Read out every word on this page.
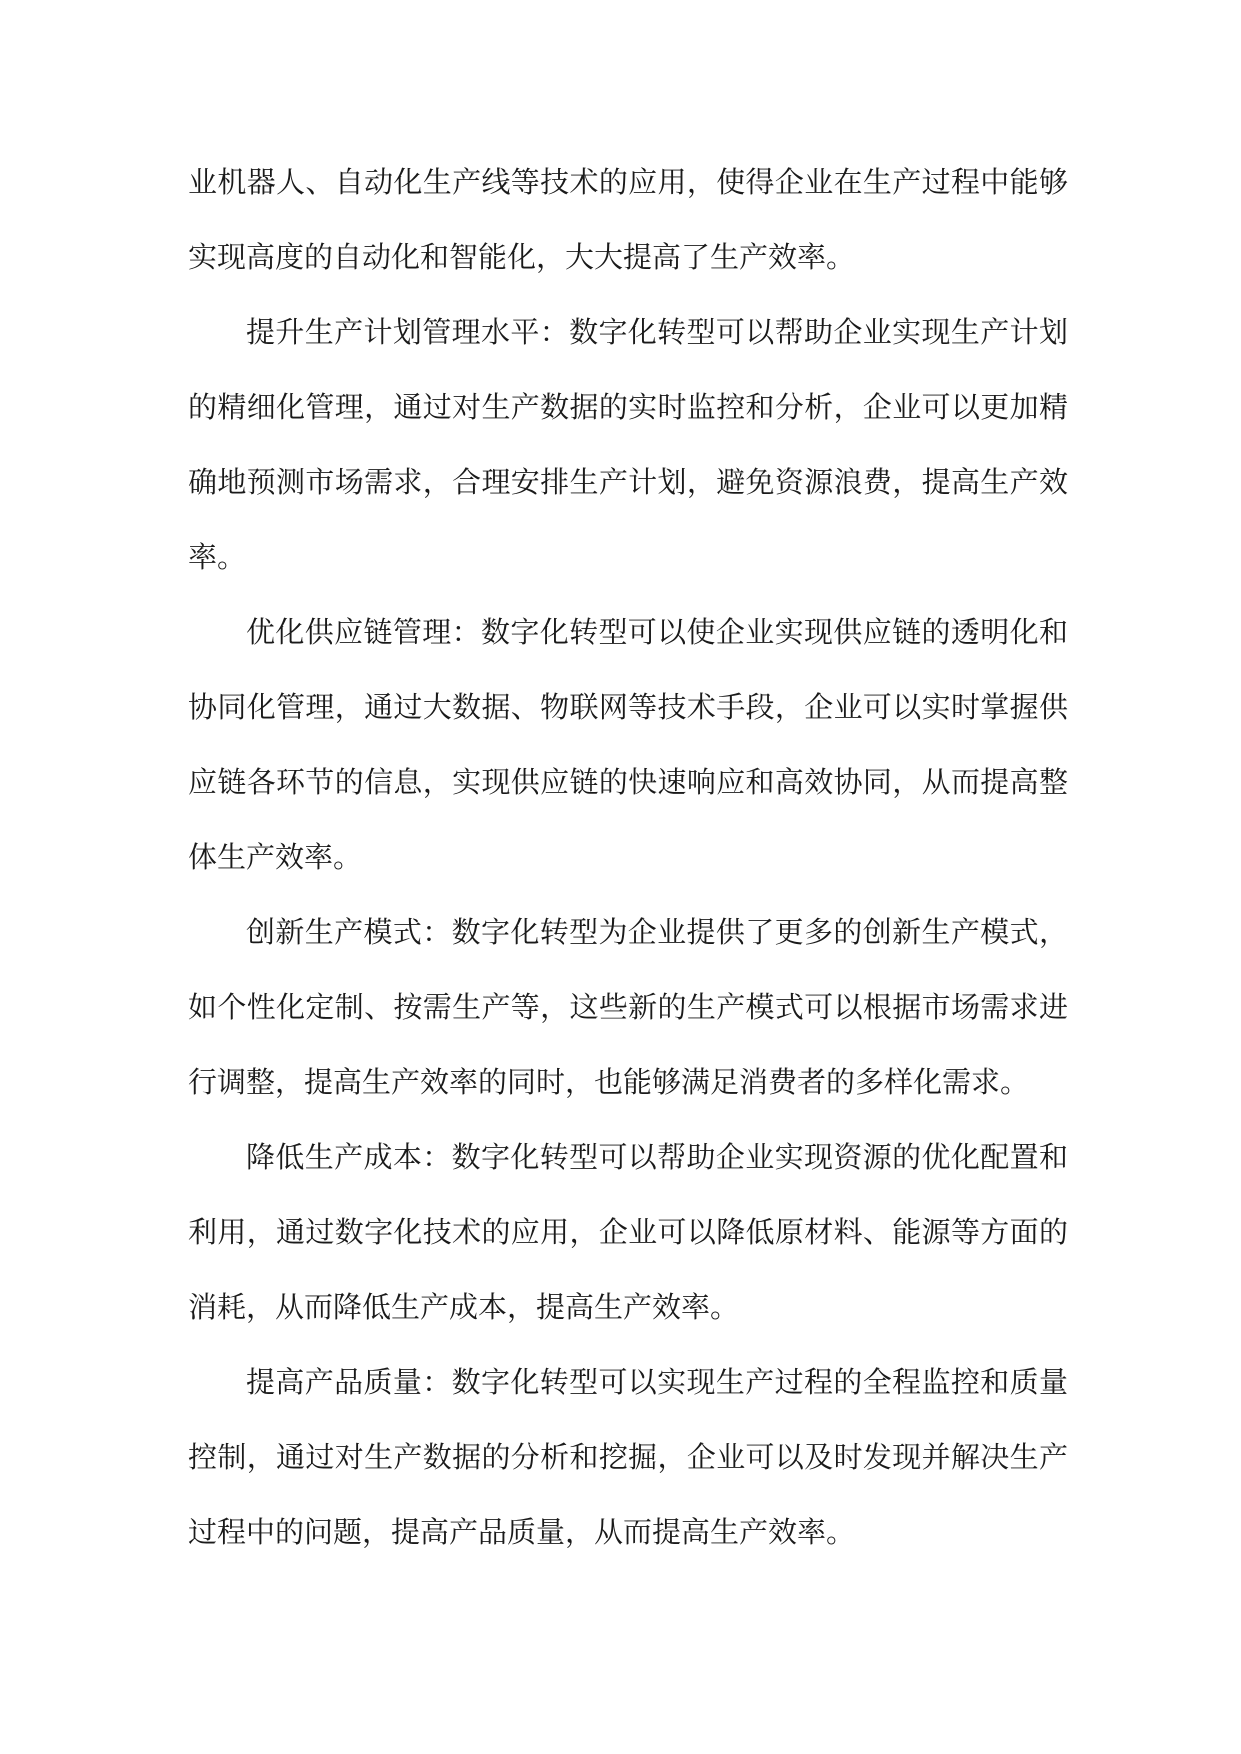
业机器人、自动化生产线等技术的应用，使得企业在生产过程中能够实现高度的自动化和智能化，大大提高了生产效率。

提升生产计划管理水平：数字化转型可以帮助企业实现生产计划的精细化管理，通过对生产数据的实时监控和分析，企业可以更加精确地预测市场需求，合理安排生产计划，避免资源浪费，提高生产效率。

优化供应链管理：数字化转型可以使企业实现供应链的透明化和协同化管理，通过大数据、物联网等技术手段，企业可以实时掌握供应链各环节的信息，实现供应链的快速响应和高效协同，从而提高整体生产效率。

创新生产模式：数字化转型为企业提供了更多的创新生产模式，如个性化定制、按需生产等，这些新的生产模式可以根据市场需求进行调整，提高生产效率的同时，也能够满足消费者的多样化需求。

降低生产成本：数字化转型可以帮助企业实现资源的优化配置和利用，通过数字化技术的应用，企业可以降低原材料、能源等方面的消耗，从而降低生产成本，提高生产效率。

提高产品质量：数字化转型可以实现生产过程的全程监控和质量控制，通过对生产数据的分析和挖掘，企业可以及时发现并解决生产过程中的问题，提高产品质量，从而提高生产效率。
